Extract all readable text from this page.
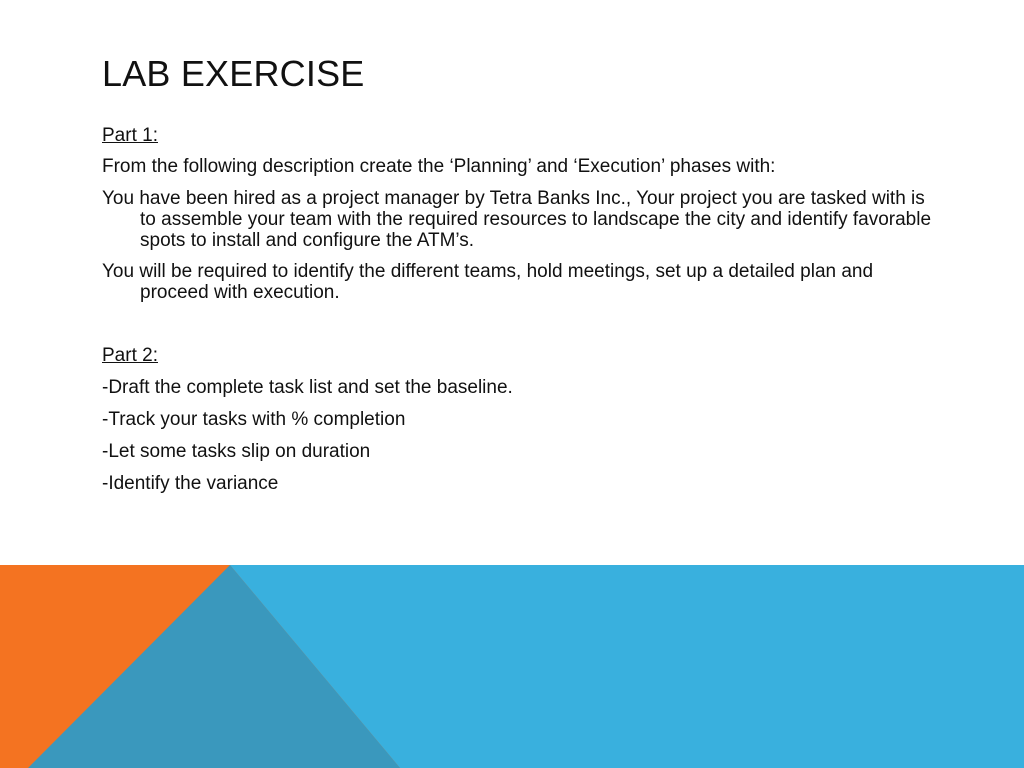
LAB EXERCISE

Part 1:

From the following description create the ‘Planning’ and ‘Execution’ phases with:

You have been hired as a project manager by Tetra Banks Inc., Your project you are tasked with is to assemble your team with the required resources to landscape the city and identify favorable spots to install and configure the ATM’s.

You will be required to identify the different teams, hold meetings, set up a detailed plan and proceed with execution.

Part 2:

-Draft the complete task list and set the baseline.

-Track your tasks with % completion

-Let some tasks slip on duration

-Identify the variance
